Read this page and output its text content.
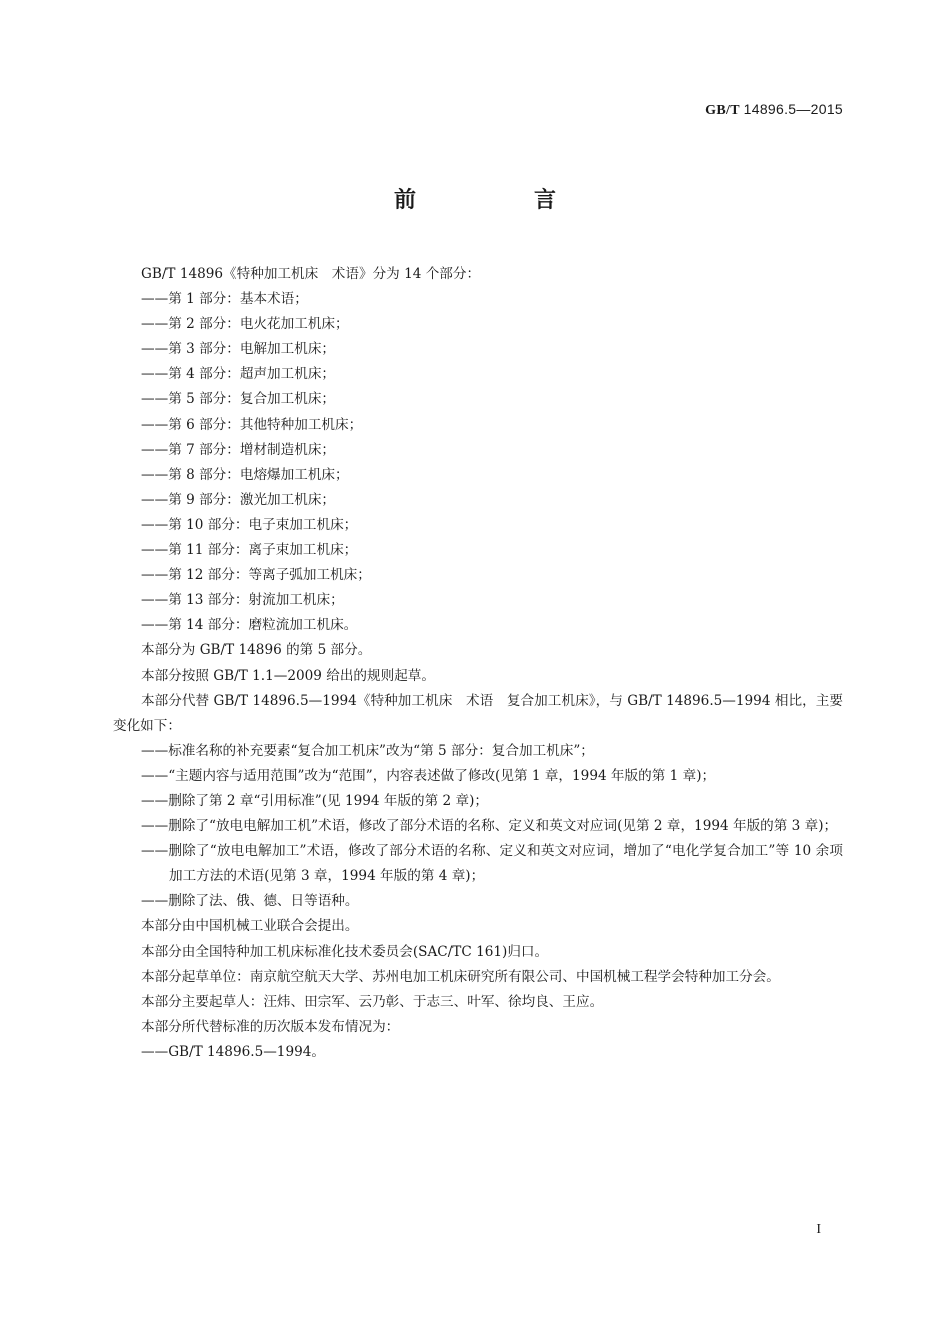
GB/T 14896.5—2015
前　言

GB/T 14896《特种加工机床　术语》分为 14 个部分：

——第 1 部分：基本术语；

——第 2 部分：电火花加工机床；

——第 3 部分：电解加工机床；

——第 4 部分：超声加工机床；

——第 5 部分：复合加工机床；

——第 6 部分：其他特种加工机床；

——第 7 部分：增材制造机床；

——第 8 部分：电熔爆加工机床；

——第 9 部分：激光加工机床；

——第 10 部分：电子束加工机床；

——第 11 部分：离子束加工机床；

——第 12 部分：等离子弧加工机床；

——第 13 部分：射流加工机床；

——第 14 部分：磨粒流加工机床。

本部分为 GB/T 14896 的第 5 部分。

本部分按照 GB/T 1.1—2009 给出的规则起草。

本部分代替 GB/T 14896.5—1994《特种加工机床　术语　复合加工机床》，与 GB/T 14896.5—1994 相比，主要变化如下：

——标准名称的补充要素“复合加工机床”改为“第 5 部分：复合加工机床”；

——“主题内容与适用范围”改为“范围”，内容表述做了修改(见第 1 章，1994 年版的第 1 章)；

——删除了第 2 章“引用标准”(见 1994 年版的第 2 章)；

——删除了“放电电解加工机”术语，修改了部分术语的名称、定义和英文对应词(见第 2 章，1994 年版的第 3 章)；

——删除了“放电电解加工”术语，修改了部分术语的名称、定义和英文对应词，增加了“电化学复合加工”等 10 余项加工方法的术语(见第 3 章，1994 年版的第 4 章)；

——删除了法、俄、德、日等语种。

本部分由中国机械工业联合会提出。

本部分由全国特种加工机床标准化技术委员会(SAC/TC 161)归口。

本部分起草单位：南京航空航天大学、苏州电加工机床研究所有限公司、中国机械工程学会特种加工分会。

本部分主要起草人：汪炜、田宗军、云乃彰、于志三、叶军、徐均良、王应。

本部分所代替标准的历次版本发布情况为：

——GB/T 14896.5—1994。

I
